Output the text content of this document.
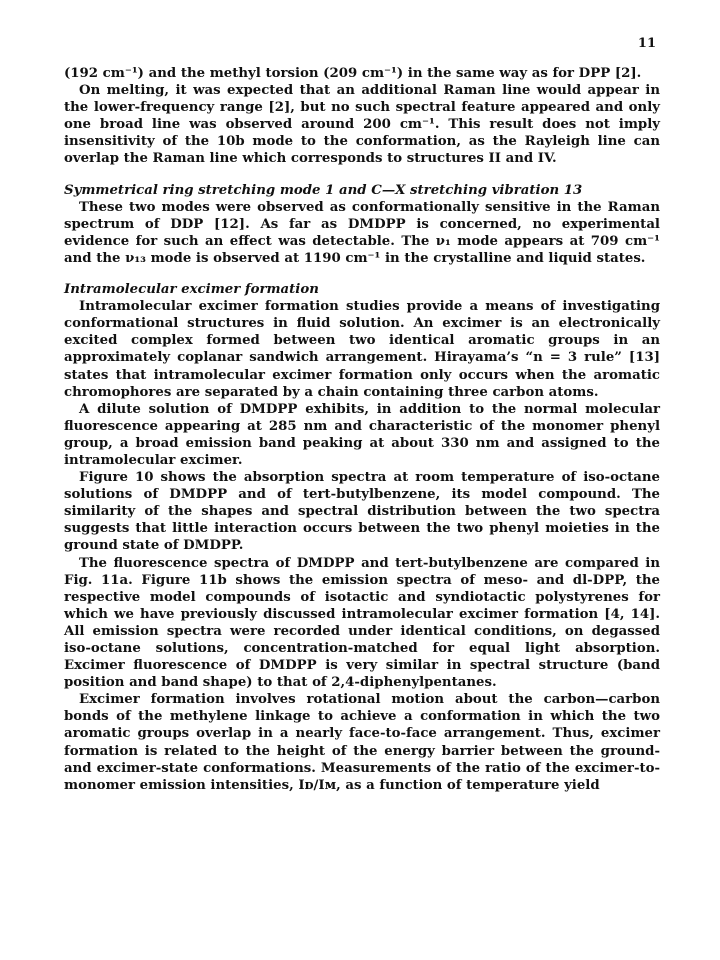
11

(192 cm⁻¹) and the methyl torsion (209 cm⁻¹) in the same way as for DPP [2].

On melting, it was expected that an additional Raman line would appear in the lower-frequency range [2], but no such spectral feature appeared and only one broad line was observed around 200 cm⁻¹. This result does not imply insensitivity of the 10b mode to the conformation, as the Rayleigh line can overlap the Raman line which corresponds to structures II and IV.

Symmetrical ring stretching mode 1 and C—X stretching vibration 13

These two modes were observed as conformationally sensitive in the Raman spectrum of DDP [12]. As far as DMDPP is concerned, no experimental evidence for such an effect was detectable. The ν₁ mode appears at 709 cm⁻¹ and the ν₁₃ mode is observed at 1190 cm⁻¹ in the crystalline and liquid states.

Intramolecular excimer formation

Intramolecular excimer formation studies provide a means of investigating conformational structures in fluid solution. An excimer is an electronically excited complex formed between two identical aromatic groups in an approximately coplanar sandwich arrangement. Hirayama’s “n = 3 rule” [13] states that intramolecular excimer formation only occurs when the aromatic chromophores are separated by a chain containing three carbon atoms.

A dilute solution of DMDPP exhibits, in addition to the normal molecular fluorescence appearing at 285 nm and characteristic of the monomer phenyl group, a broad emission band peaking at about 330 nm and assigned to the intramolecular excimer.

Figure 10 shows the absorption spectra at room temperature of iso-octane solutions of DMDPP and of tert-butylbenzene, its model compound. The similarity of the shapes and spectral distribution between the two spectra suggests that little interaction occurs between the two phenyl moieties in the ground state of DMDPP.

The fluorescence spectra of DMDPP and tert-butylbenzene are compared in Fig. 11a. Figure 11b shows the emission spectra of meso- and dl-DPP, the respective model compounds of isotactic and syndiotactic polystyrenes for which we have previously discussed intramolecular excimer formation [4, 14]. All emission spectra were recorded under identical conditions, on degassed iso-octane solutions, concentration-matched for equal light absorption. Excimer fluorescence of DMDPP is very similar in spectral structure (band position and band shape) to that of 2,4-diphenylpentanes.

Excimer formation involves rotational motion about the carbon—carbon bonds of the methylene linkage to achieve a conformation in which the two aromatic groups overlap in a nearly face-to-face arrangement. Thus, excimer formation is related to the height of the energy barrier between the ground- and excimer-state conformations. Measurements of the ratio of the excimer-to-monomer emission intensities, Iᴅ/Iᴍ, as a function of temperature yield
